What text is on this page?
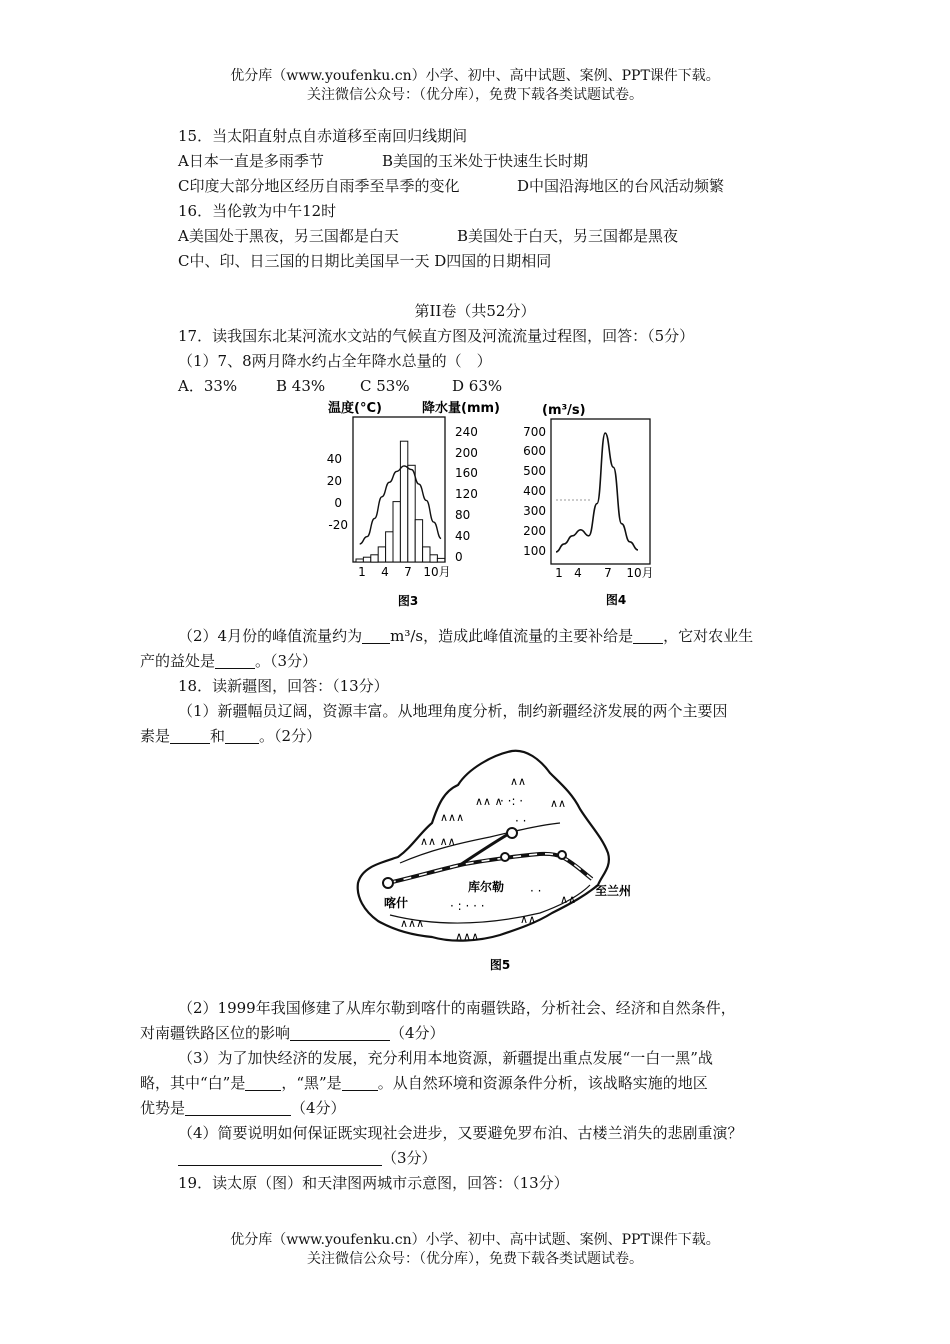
优分库（www.youfenku.cn）小学、初中、高中试题、案例、PPT课件下载。
关注微信公众号：（优分库），免费下载各类试题试卷。
15．当太阳直射点自赤道移至南回归线期间
A日本一直是多雨季节	B美国的玉米处于快速生长时期
C印度大部分地区经历自雨季至旱季的变化	D中国沿海地区的台风活动频繁
16．当伦敦为中午12时
A美国处于黑夜，另三国都是白天	B美国处于白天，另三国都是黑夜
C中、印、日三国的日期比美国早一天 D四国的日期相同
第II卷（共52分）
17．读我国东北某河流水文站的气候直方图及河流流量过程图，回答：（5分）
（1）7、8两月降水约占全年降水总量的（　）
A．33%	B 43% C 53%	D 63%
温度(°C)	降水量(mm)
40
20
0
-20
240
200
160
120
80
40
0
1 4 7 10月
图3
(m³/s)
700
600
500
400
300
200
100
1 4 7 10月
图4
（2）4月份的峰值流量约为 m³/s，造成此峰值流量的主要补给是 ，它对农业生
产的益处是	。（3分）
18．读新疆图，回答：（13分）
（1）新疆幅员辽阔，资源丰富。从地理角度分析，制约新疆经济发展的两个主要因
素是	和 。（2分）
∧∧ ∧∧
∧∧∧
∧∧ ∧
∧∧
∧∧
∧∧∧
∧∧∧
∧∧
∧∧
· ·: ·
· ·
· : · · ·
· ·
喀什
库尔勒	至兰州
图5
（2）1999年我国修建了从库尔勒到喀什的南疆铁路，分析社会、经济和自然条件，
对南疆铁路区位的影响	（4分）
（3）为了加快经济的发展，充分利用本地资源，新疆提出重点发展“一白一黑”战
略，其中“白”是 ，“黑”是 。从自然环境和资源条件分析，该战略实施的地区
优势是	（4分）
（4）简要说明如何保证既实现社会进步，又要避免罗布泊、古楼兰消失的悲剧重演？
（3分）
19．读太原（图）和天津图两城市示意图，回答：（13分）
优分库（www.youfenku.cn）小学、初中、高中试题、案例、PPT课件下载。
关注微信公众号：（优分库），免费下载各类试题试卷。
